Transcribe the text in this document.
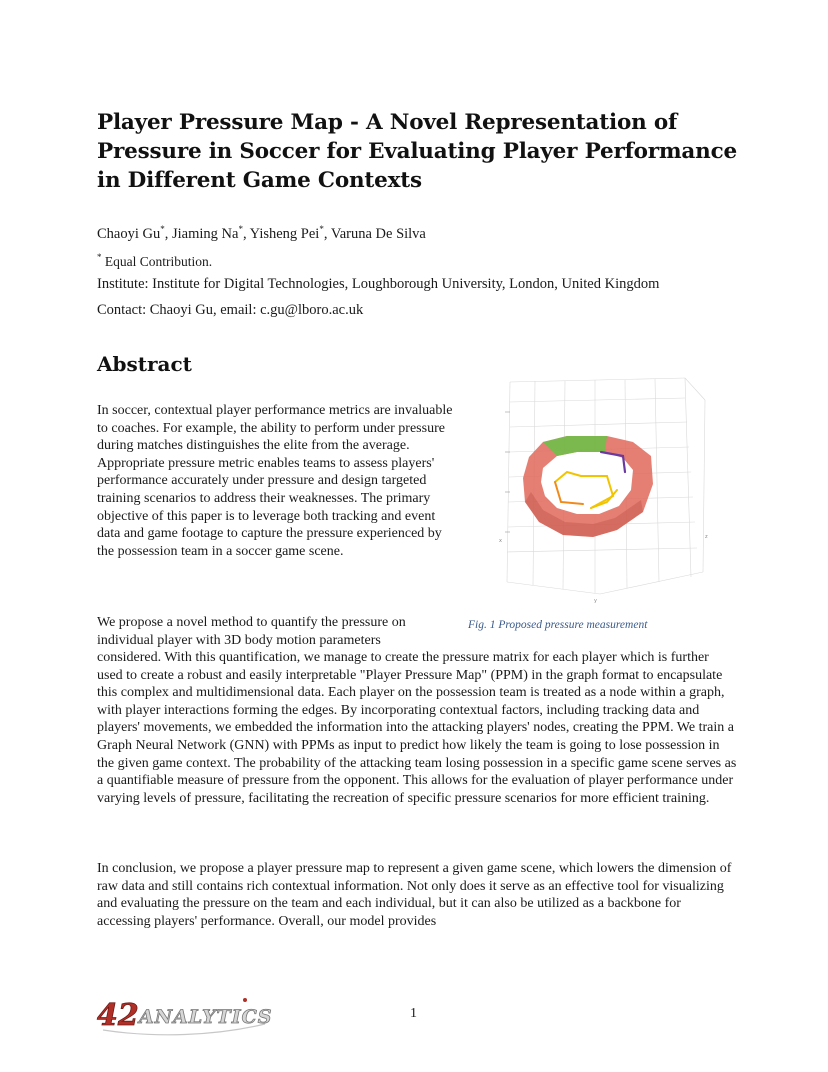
Player Pressure Map - A Novel Representation of Pressure in Soccer for Evaluating Player Performance in Different Game Contexts
Chaoyi Gu*, Jiaming Na*, Yisheng Pei*, Varuna De Silva
* Equal Contribution.
Institute: Institute for Digital Technologies, Loughborough University, London, United Kingdom
Contact: Chaoyi Gu, email: c.gu@lboro.ac.uk
Abstract
In soccer, contextual player performance metrics are invaluable to coaches. For example, the ability to perform under pressure during matches distinguishes the elite from the average. Appropriate pressure metric enables teams to assess players' performance accurately under pressure and design targeted training scenarios to address their weaknesses. The primary objective of this paper is to leverage both tracking and event data and game footage to capture the pressure experienced by the possession team in a soccer game scene.
We propose a novel method to quantify the pressure on individual player with 3D body motion parameters
considered. With this quantification, we manage to create the pressure matrix for each player which is further used to create a robust and easily interpretable "Player Pressure Map" (PPM) in the graph format to encapsulate this complex and multidimensional data. Each player on the possession team is treated as a node within a graph, with player interactions forming the edges. By incorporating contextual factors, including tracking data and players' movements, we embedded the information into the attacking players' nodes, creating the PPM. We train a Graph Neural Network (GNN) with PPMs as input to predict how likely the team is going to lose possession in the given game context. The probability of the attacking team losing possession in a specific game scene serves as a quantifiable measure of pressure from the opponent. This allows for the evaluation of player performance under varying levels of pressure, facilitating the recreation of specific pressure scenarios for more efficient training.
In conclusion, we propose a player pressure map to represent a given game scene, which lowers the dimension of raw data and still contains rich contextual information. Not only does it serve as an effective tool for visualizing and evaluating the pressure on the team and each individual, but it can also be utilized as a backbone for accessing players' performance. Overall, our model provides
x
y
z
Fig. 1 Proposed pressure measurement
42 ANALYTICS	1
